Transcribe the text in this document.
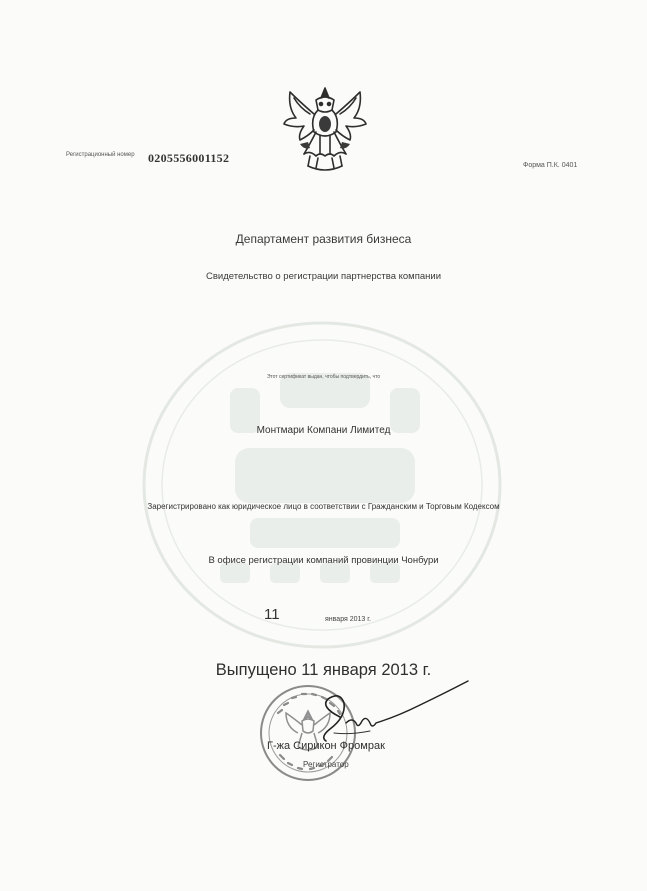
Регистрационный номер 0205556001152
Форма П.К. 0401
Департамент развития бизнеса
Свидетельство о регистрации партнерства компании
Этот сертификат выдан, чтобы подтвердить, что
Монтмари Компани Лимитед
Зарегистрировано как юридическое лицо в соответствии с Гражданским и Торговым Кодексом
В офисе регистрации компаний провинции Чонбури
11	января 2013 г.
Выпущено 11 января 2013 г.
Г-жа Сирикон Фромрак
Регистратор
